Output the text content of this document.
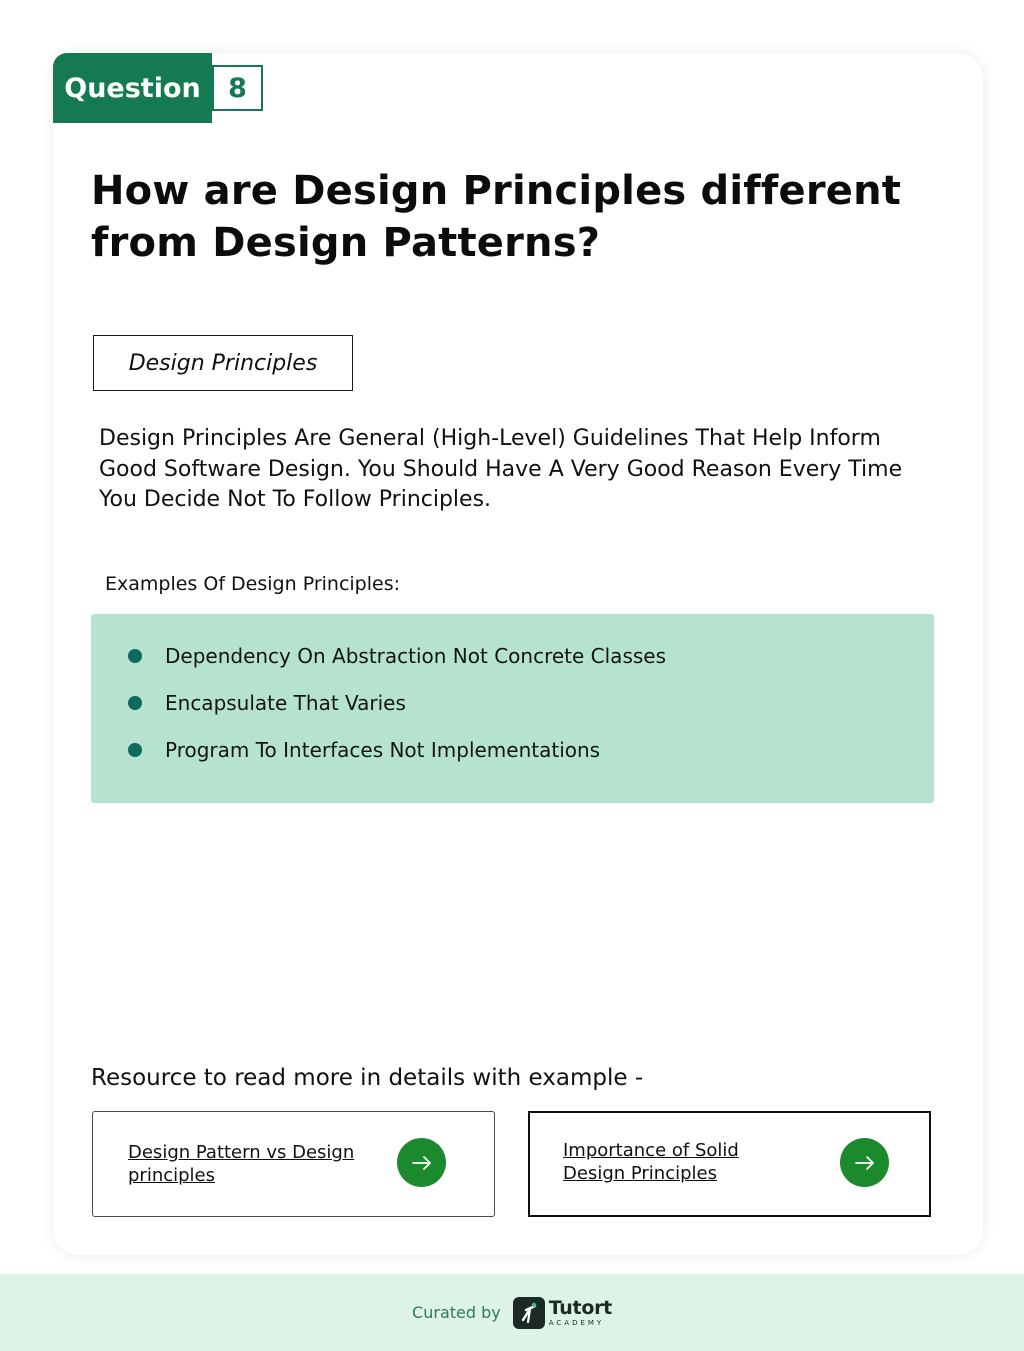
Question 8
How are Design Principles different from Design Patterns?
Design Principles

Design Principles Are General (High-Level) Guidelines That Help Inform Good Software Design. You Should Have A Very Good Reason Every Time You Decide Not To Follow Principles.

Examples Of Design Principles:

Dependency On Abstraction Not Concrete Classes
Encapsulate That Varies
Program To Interfaces Not Implementations

Resource to read more in details with example -

Design Pattern vs Design principles
Importance of Solid Design Principles
Curated by	Tutort
ACADEMY
